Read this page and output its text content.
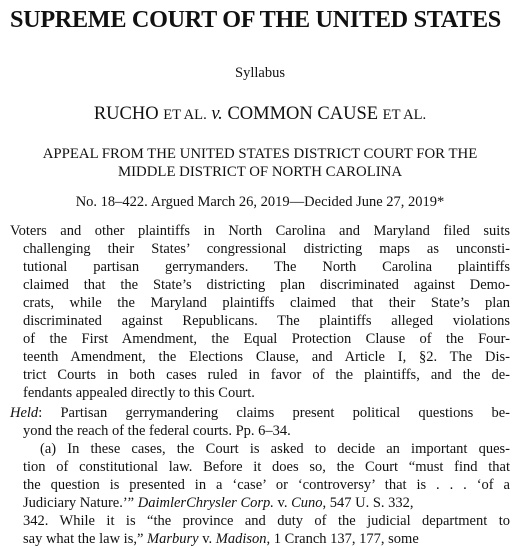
SUPREME COURT OF THE UNITED STATES
Syllabus
RUCHO ET AL. v. COMMON CAUSE ET AL.
APPEAL FROM THE UNITED STATES DISTRICT COURT FOR THE
MIDDLE DISTRICT OF NORTH CAROLINA
No. 18–422. Argued March 26, 2019—Decided June 27, 2019*
Voters and other plaintiffs in North Carolina and Maryland filed suits
challenging their States’ congressional districting maps as unconsti-
tutional partisan gerrymanders. The North Carolina plaintiffs
claimed that the State’s districting plan discriminated against Demo-
crats, while the Maryland plaintiffs claimed that their State’s plan
discriminated against Republicans. The plaintiffs alleged violations
of the First Amendment, the Equal Protection Clause of the Four-
teenth Amendment, the Elections Clause, and Article I, §2. The Dis-
trict Courts in both cases ruled in favor of the plaintiffs, and the de-
fendants appealed directly to this Court.
Held: Partisan gerrymandering claims present political questions be-
yond the reach of the federal courts. Pp. 6–34.
(a) In these cases, the Court is asked to decide an important ques-
tion of constitutional law. Before it does so, the Court “must find that
the question is presented in a ‘case’ or ‘controversy’ that is . . . ‘of a
Judiciary Nature.’” DaimlerChrysler Corp. v. Cuno, 547 U. S. 332,
342. While it is “the province and duty of the judicial department to
say what the law is,” Marbury v. Madison, 1 Cranch 137, 177, some
